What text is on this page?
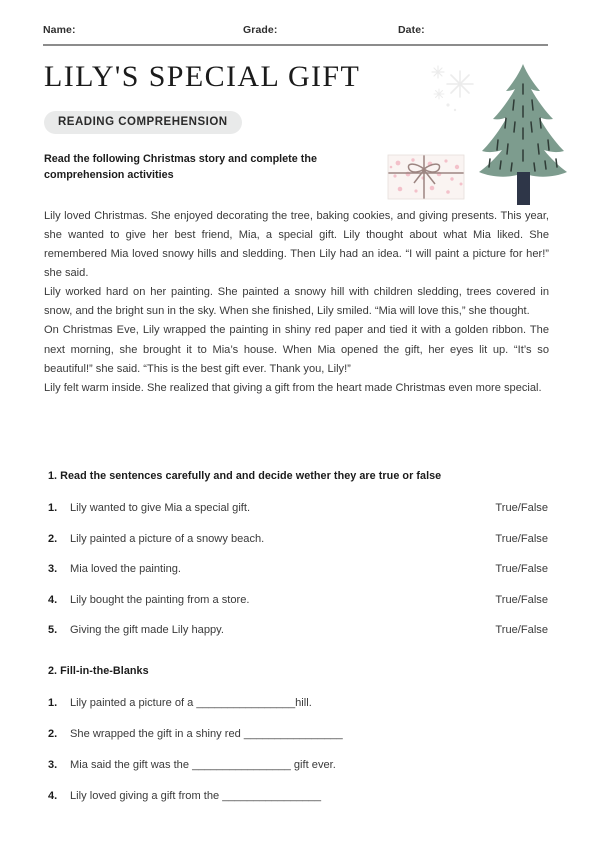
Name:	Grade:	Date:
LILY'S SPECIAL GIFT
READING COMPREHENSION
Read the following Christmas story and complete the comprehension activities

Lily loved Christmas. She enjoyed decorating the tree, baking cookies, and giving presents. This year, she wanted to give her best friend, Mia, a special gift. Lily thought about what Mia liked. She remembered Mia loved snowy hills and sledding. Then Lily had an idea. “I will paint a picture for her!” she said.

Lily worked hard on her painting. She painted a snowy hill with children sledding, trees covered in snow, and the bright sun in the sky. When she finished, Lily smiled. “Mia will love this,” she thought.

On Christmas Eve, Lily wrapped the painting in shiny red paper and tied it with a golden ribbon. The next morning, she brought it to Mia’s house. When Mia opened the gift, her eyes lit up. “It’s so beautiful!” she said. “This is the best gift ever. Thank you, Lily!”

Lily felt warm inside. She realized that giving a gift from the heart made Christmas even more special.

1. Read the sentences carefully and and decide wether they are true or false
1.	Lily wanted to give Mia a special gift.	True/False
2.	Lily painted a picture of a snowy beach.	True/False
3.	Mia loved the painting.	True/False
4.	Lily bought the painting from a store.	True/False
5.	Giving the gift made Lily happy.	True/False
2. Fill-in-the-Blanks
1.	Lily painted a picture of a ________________hill.
2.	She wrapped the gift in a shiny red ________________
3.	Mia said the gift was the ________________ gift ever.
4.	Lily loved giving a gift from the ________________
